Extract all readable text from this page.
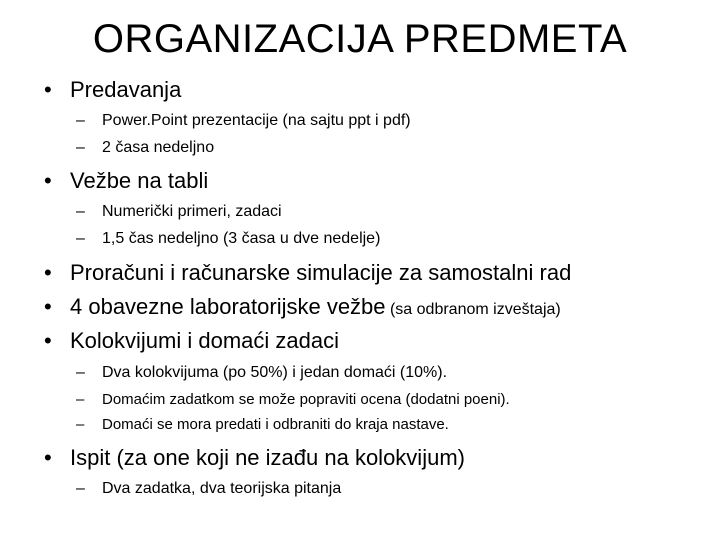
ORGANIZACIJA PREDMETA
• Predavanja
– Power.Point prezentacije (na sajtu ppt i pdf)
– 2 časa nedeljno
• Vežbe na tabli
– Numerički primeri, zadaci
– 1,5 čas nedeljno (3 časa u dve nedelje)
• Proračuni i računarske simulacije za samostalni rad
• 4 obavezne laboratorijske vežbe (sa odbranom izveštaja)
• Kolokvijumi i domaći zadaci
– Dva kolokvijuma (po 50%) i jedan domaći (10%).
– Domaćim zadatkom se može popraviti ocena (dodatni poeni).
– Domaći se mora predati i odbraniti do kraja nastave.
• Ispit (za one koji ne izađu na kolokvijum)
– Dva zadatka, dva teorijska pitanja
